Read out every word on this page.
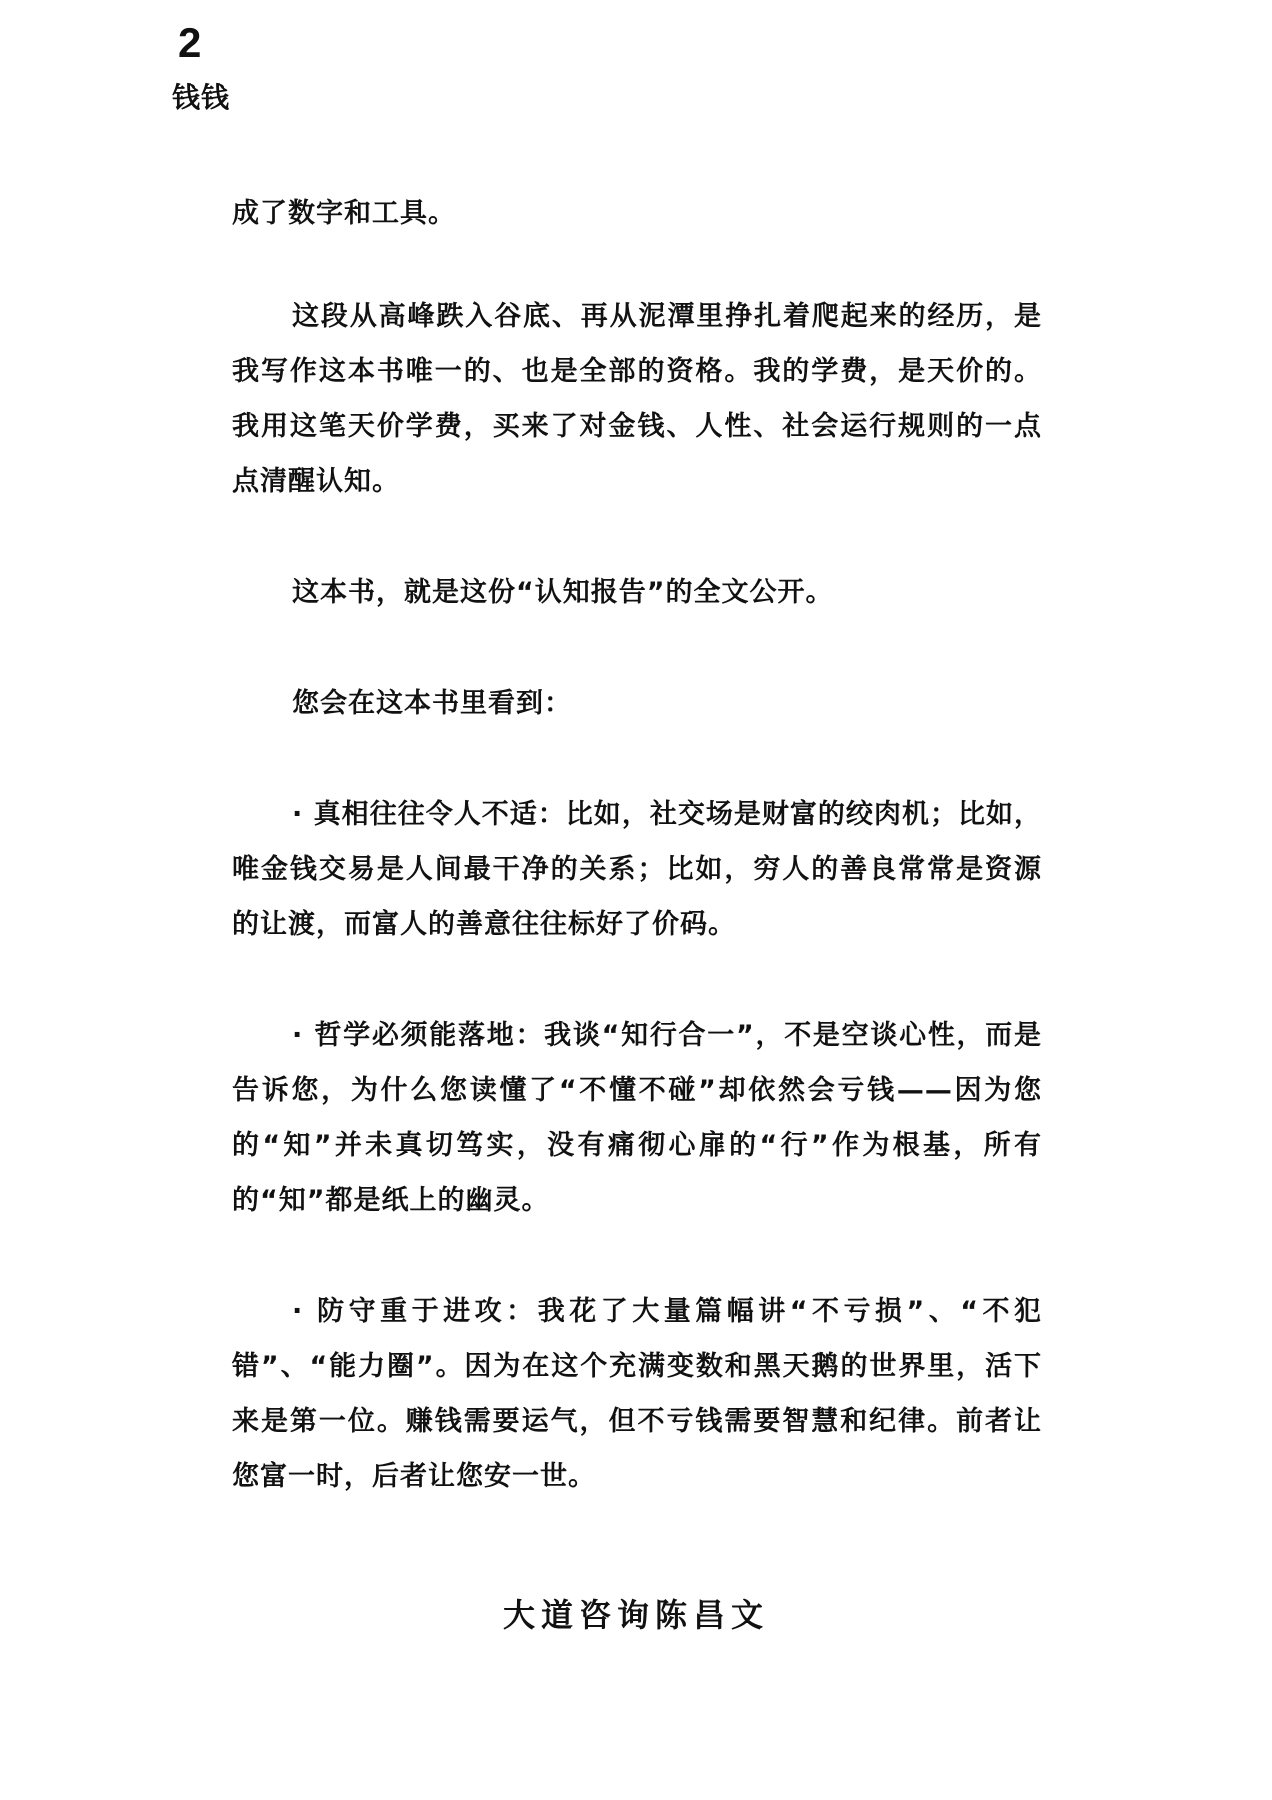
2
钱钱

成了数字和工具。

这段从高峰跌入谷底、再从泥潭里挣扎着爬起来的经历，是我写作这本书唯一的、也是全部的资格。我的学费，是天价的。我用这笔天价学费，买来了对金钱、人性、社会运行规则的一点点清醒认知。

这本书，就是这份“认知报告”的全文公开。

您会在这本书里看到：

· 真相往往令人不适：比如，社交场是财富的绞肉机；比如，唯金钱交易是人间最干净的关系；比如，穷人的善良常常是资源的让渡，而富人的善意往往标好了价码。

· 哲学必须能落地：我谈“知行合一”，不是空谈心性，而是告诉您，为什么您读懂了“不懂不碰”却依然会亏钱——因为您的“知”并未真切笃实，没有痛彻心扉的“行”作为根基，所有的“知”都是纸上的幽灵。

· 防守重于进攻：我花了大量篇幅讲“不亏损”、“不犯错”、“能力圈”。因为在这个充满变数和黑天鹅的世界里，活下来是第一位。赚钱需要运气，但不亏钱需要智慧和纪律。前者让您富一时，后者让您安一世。

大道咨询陈昌文
